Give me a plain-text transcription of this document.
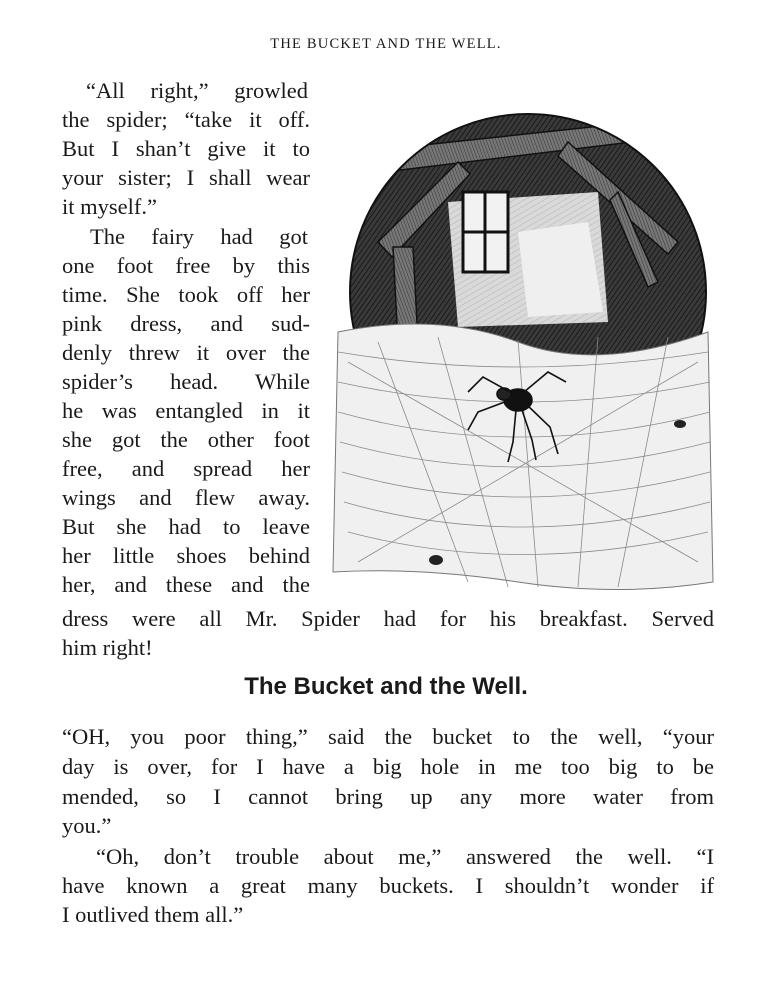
THE BUCKET AND THE WELL.
“All right,” growled
the spider; “take it off.
But I shan’t give it to
your sister; I shall wear
it myself.”
The fairy had got
one foot free by this
time. She took off her
pink dress, and sud-
denly threw it over the
spider’s head. While
he was entangled in it
she got the other foot
free, and spread her
wings and flew away.
But she had to leave
her little shoes behind
her, and these and the
dress were all Mr. Spider had for his breakfast. Served
him right!
The Bucket and the Well.
“OH, you poor thing,” said the bucket to the well, “your
day is over, for I have a big hole in me too big to be
mended, so I cannot bring up any more water from
you.”
“Oh, don’t trouble about me,” answered the well. “I
have known a great many buckets. I shouldn’t wonder if
I outlived them all.”
